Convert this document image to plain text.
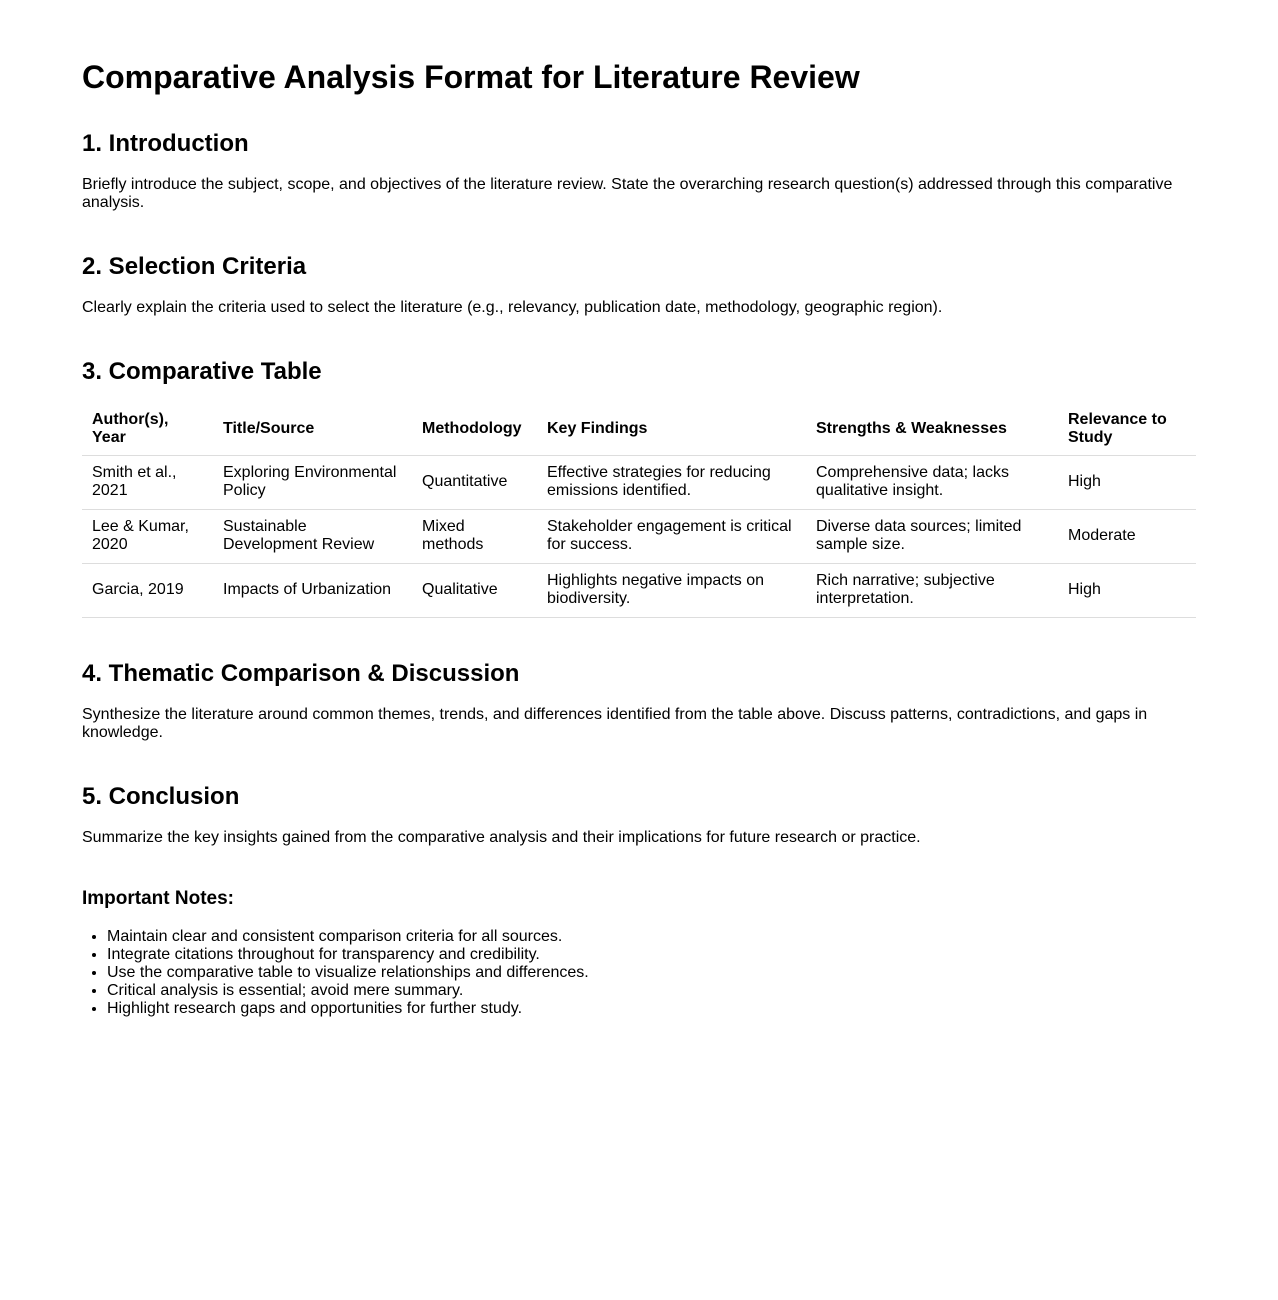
Comparative Analysis Format for Literature Review
1. Introduction

Briefly introduce the subject, scope, and objectives of the literature review. State the overarching research question(s) addressed through this comparative analysis.

2. Selection Criteria

Clearly explain the criteria used to select the literature (e.g., relevancy, publication date, methodology, geographic region).

3. Comparative Table
Author(s), Year	Title/Source	Methodology	Key Findings	Strengths & Weaknesses	Relevance to Study
Smith et al., 2021	Exploring Environmental Policy	Quantitative	Effective strategies for reducing emissions identified.	Comprehensive data; lacks qualitative insight.	High
Lee & Kumar, 2020	Sustainable Development Review	Mixed methods	Stakeholder engagement is critical for success.	Diverse data sources; limited sample size.	Moderate
Garcia, 2019	Impacts of Urbanization	Qualitative	Highlights negative impacts on biodiversity.	Rich narrative; subjective interpretation.	High
4. Thematic Comparison & Discussion

Synthesize the literature around common themes, trends, and differences identified from the table above. Discuss patterns, contradictions, and gaps in knowledge.

5. Conclusion

Summarize the key insights gained from the comparative analysis and their implications for future research or practice.

Important Notes:
• Maintain clear and consistent comparison criteria for all sources.
• Integrate citations throughout for transparency and credibility.
• Use the comparative table to visualize relationships and differences.
• Critical analysis is essential; avoid mere summary.
• Highlight research gaps and opportunities for further study.
